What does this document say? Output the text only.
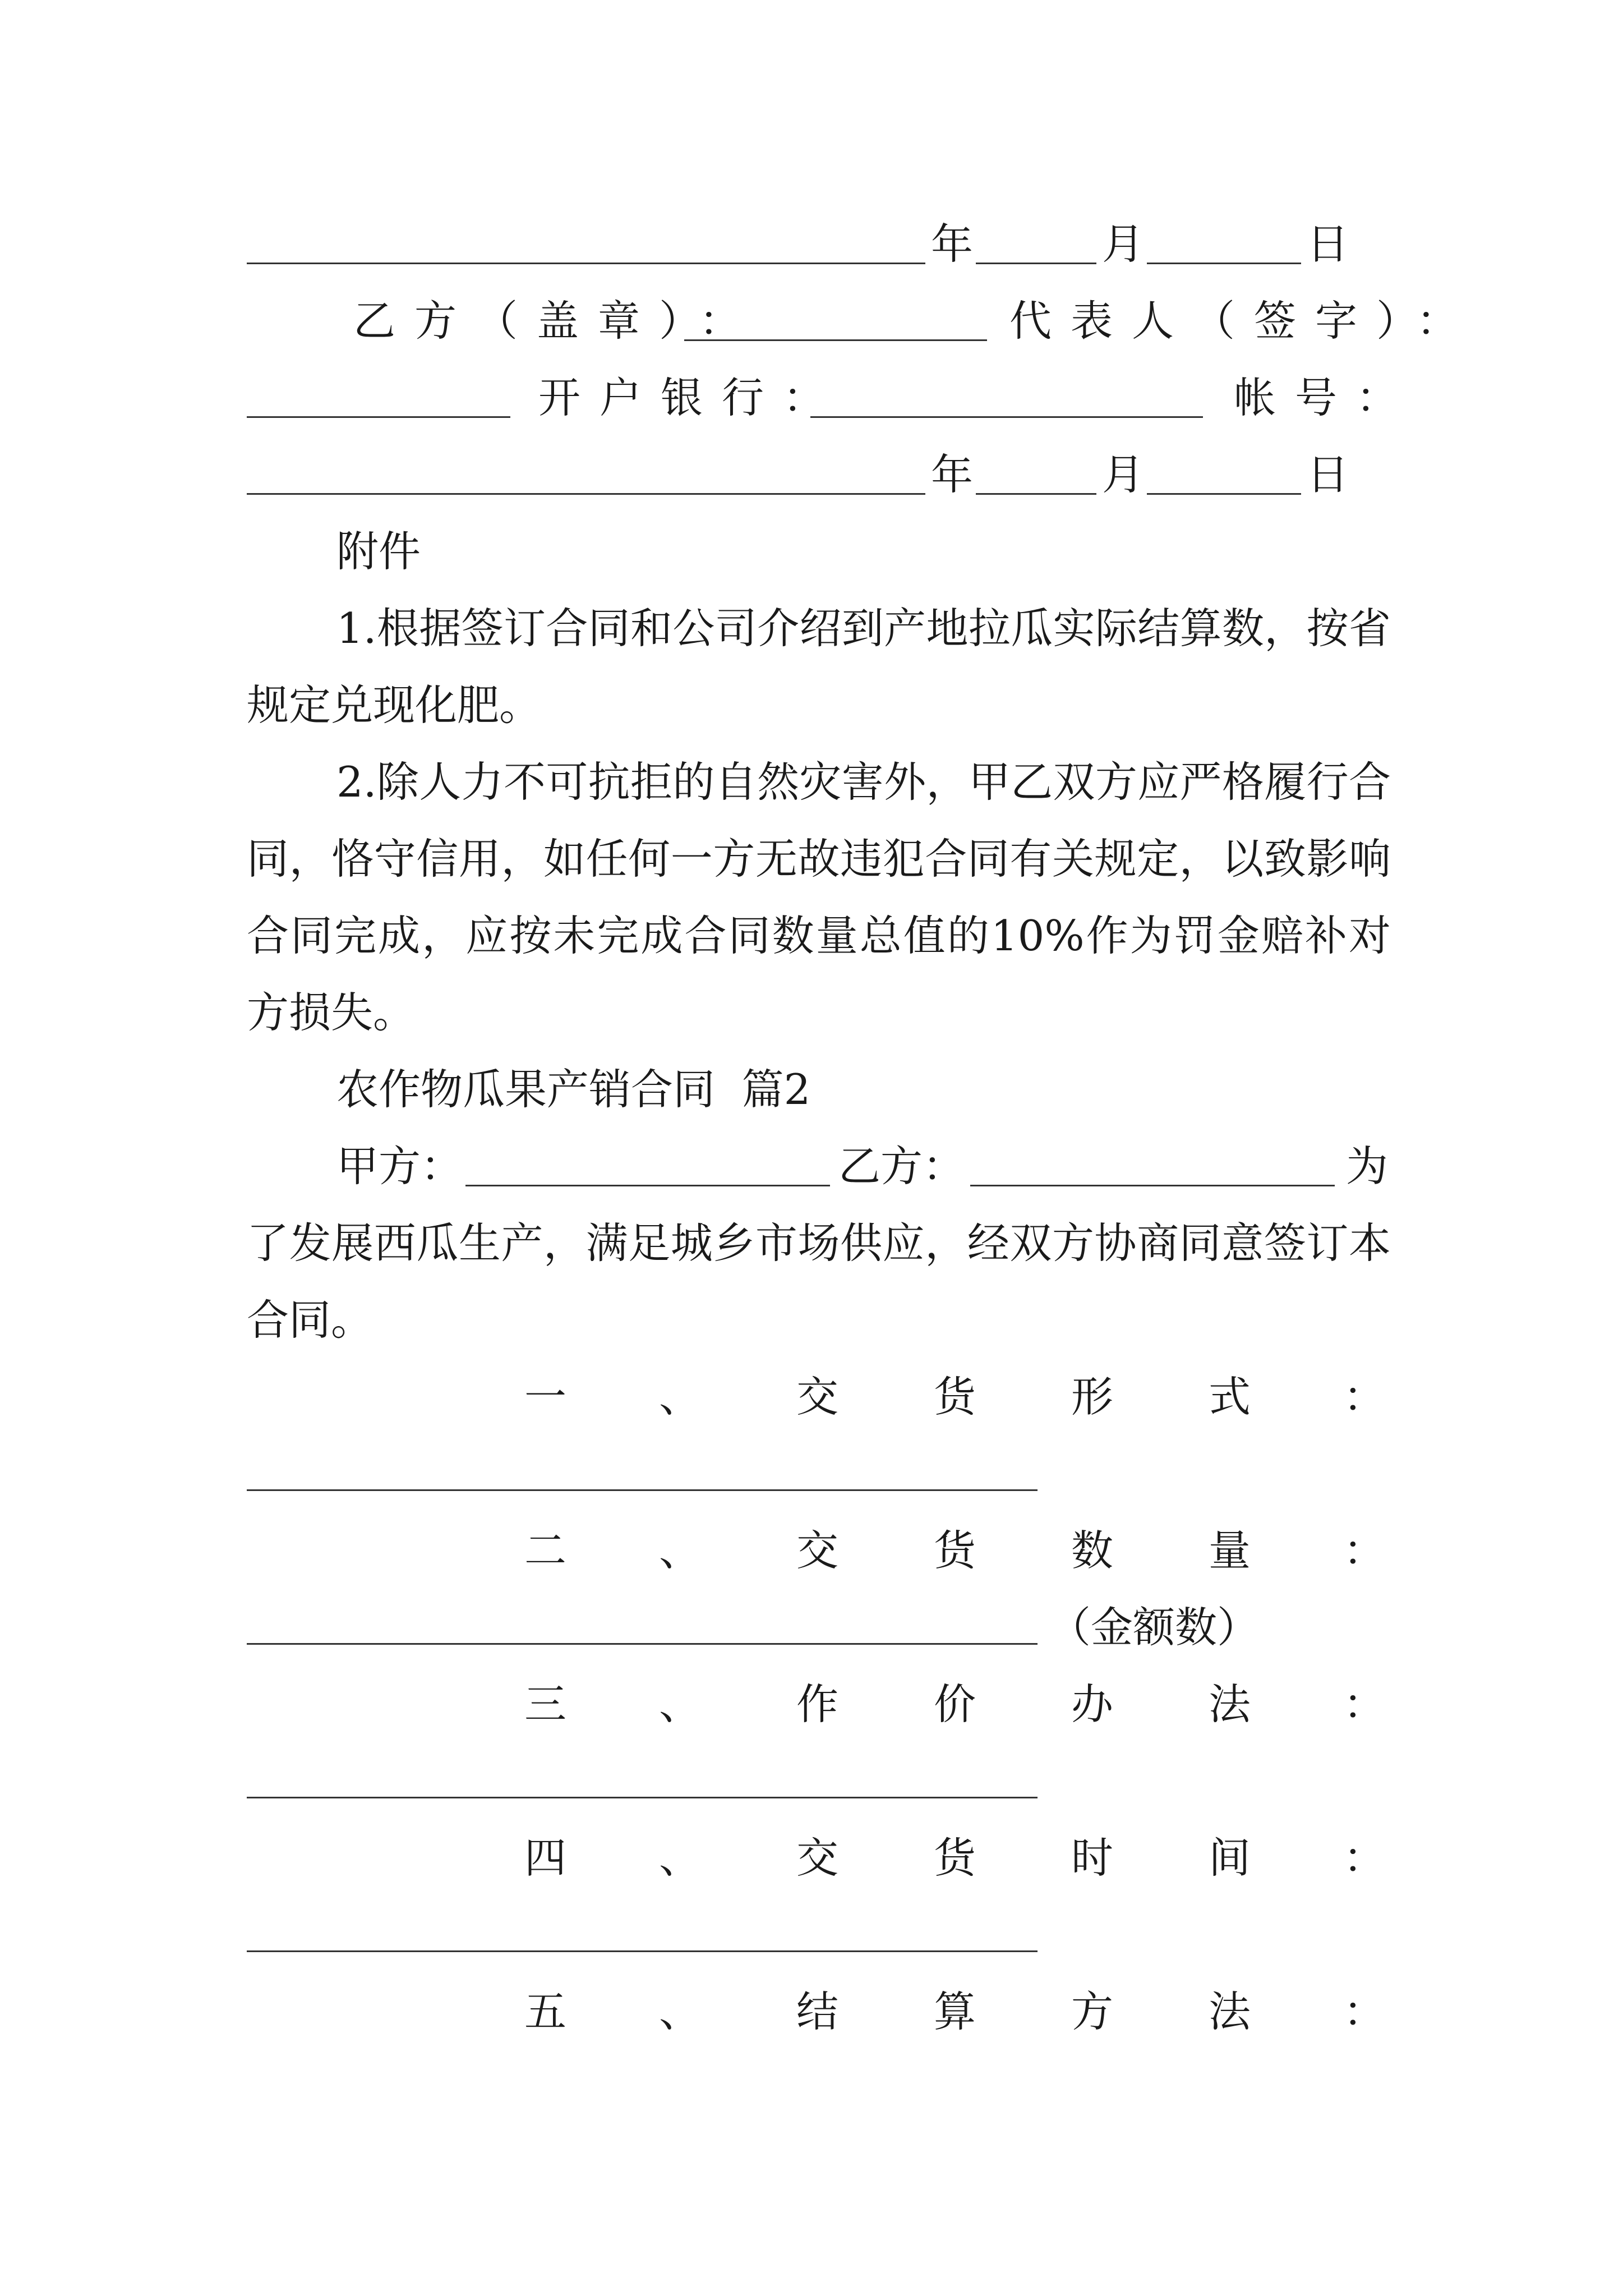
年	月	日
乙方（盖章）：	代表人（签字）：
开户银行：	帐号：
年	月	日
附件
1.根据签订合同和公司介绍到产地拉瓜实际结算数，按省规定兑现化肥。
2.除人力不可抗拒的自然灾害外，甲乙双方应严格履行合同，恪守信用，如任何一方无故违犯合同有关规定，以致影响合同完成，应按未完成合同数量总值的10%作为罚金赔补对方损失。
农作物瓜果产销合同  篇2
甲方：	乙方：	为
了发展西瓜生产，满足城乡市场供应，经双方协商同意签订本合同。
一 、 交 货 形 式 ：
二 、 交 货 数 量 ：
（金额数）
三 、 作 价 办 法 ：
四 、 交 货 时 间 ：
五 、 结 算 方 法 ：
